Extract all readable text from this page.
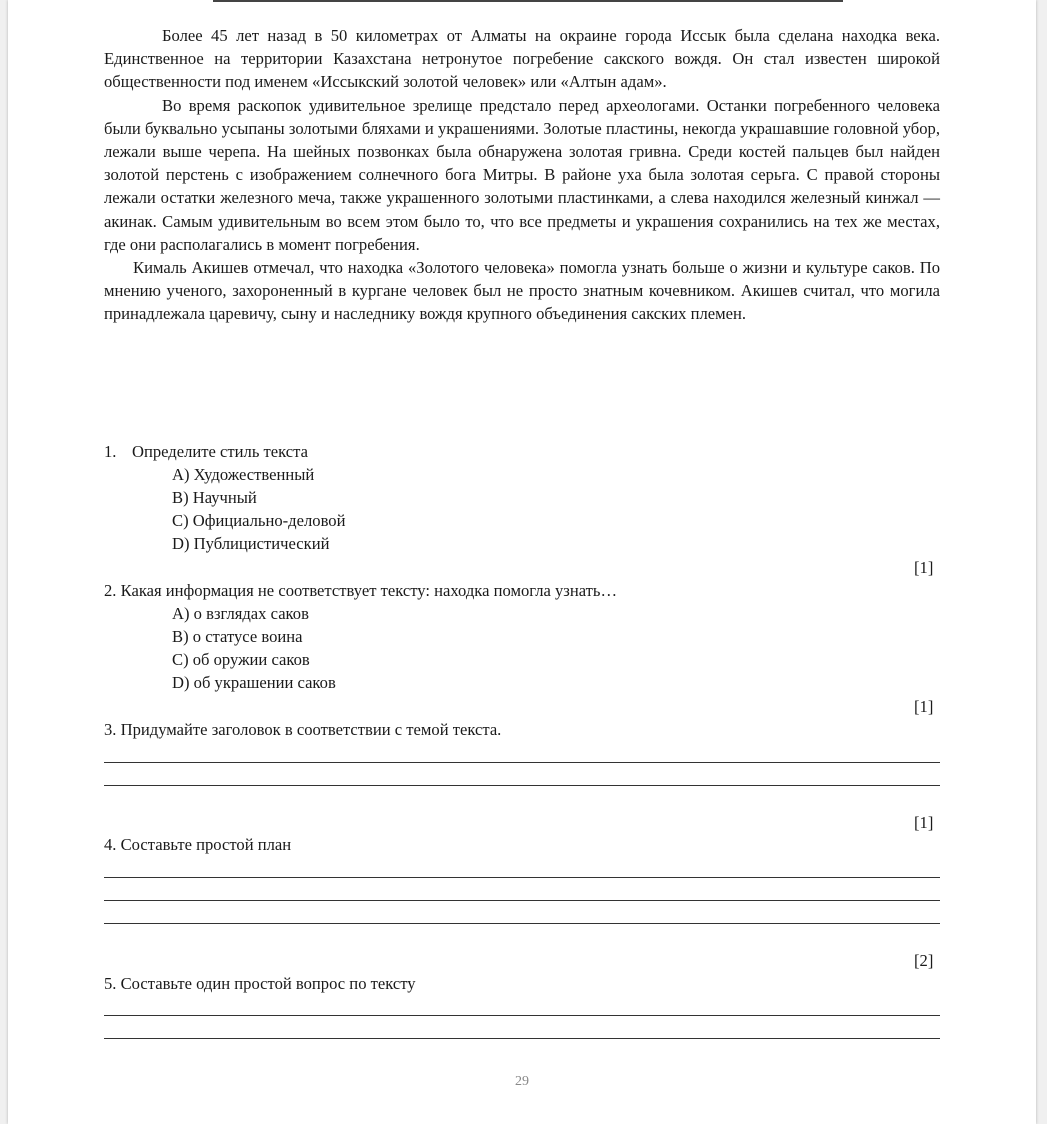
Более 45 лет назад в 50 километрах от Алматы на окраине города Иссык была сделана находка века. Единственное на территории Казахстана нетронутое погребение сакского вождя. Он стал известен широкой общественности под именем «Иссыкский золотой человек» или «Алтын адам».

Во время раскопок удивительное зрелище предстало перед археологами. Останки погребенного человека были буквально усыпаны золотыми бляхами и украшениями. Золотые пластины, некогда украшавшие головной убор, лежали выше черепа. На шейных позвонках была обнаружена золотая гривна. Среди костей пальцев был найден золотой перстень с изображением солнечного бога Митры. В районе уха была золотая серьга. С правой стороны лежали остатки железного меча, также украшенного золотыми пластинками, а слева находился железный кинжал — акинак. Самым удивительным во всем этом было то, что все предметы и украшения сохранились на тех же местах, где они располагались в момент погребения.

Кималь Акишев отмечал, что находка «Золотого человека» помогла узнать больше о жизни и культуре саков. По мнению ученого, захороненный в кургане человек был не просто знатным кочевником. Акишев считал, что могила принадлежала царевичу, сыну и наследнику вождя крупного объединения сакских племен.

1. Определите стиль текста
A) Художественный
B) Научный
C) Официально-деловой
D) Публицистический
[1]
2. Какая информация не соответствует тексту: находка помогла узнать…
A) о взглядах саков
B) о статусе воина
C) об оружии саков
D) об украшении саков
[1]
3. Придумайте заголовок в соответствии с темой текста.
[1]
4. Составьте простой план
[2]
5. Составьте один простой вопрос по тексту
29
